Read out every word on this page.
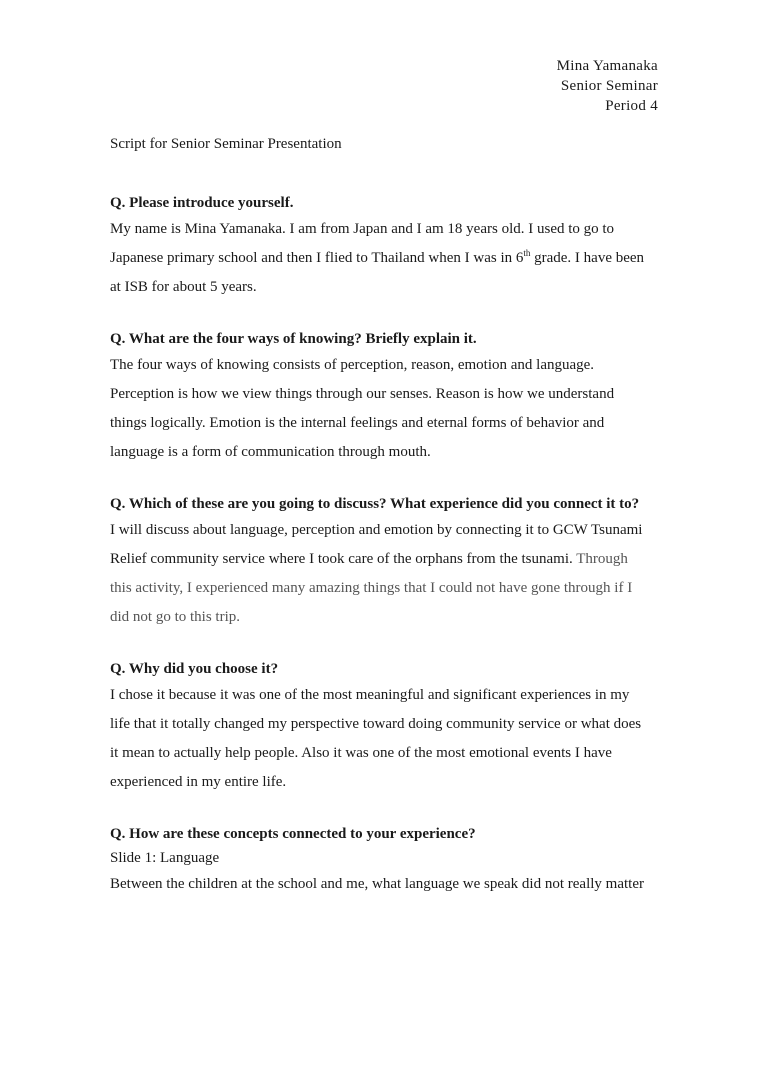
Mina Yamanaka
Senior Seminar
Period 4
Script for Senior Seminar Presentation
Q. Please introduce yourself.

My name is Mina Yamanaka. I am from Japan and I am 18 years old. I used to go to

Japanese primary school and then I flied to Thailand when I was in 6th grade. I have been

at ISB for about 5 years.

Q. What are the four ways of knowing? Briefly explain it.

The four ways of knowing consists of perception, reason, emotion and language.

Perception is how we view things through our senses. Reason is how we understand

things logically. Emotion is the internal feelings and eternal forms of behavior and

language is a form of communication through mouth.

Q. Which of these are you going to discuss? What experience did you connect it to?

I will discuss about language, perception and emotion by connecting it to GCW Tsunami

Relief community service where I took care of the orphans from the tsunami. Through

this activity, I experienced many amazing things that I could not have gone through if I

did not go to this trip.

Q. Why did you choose it?

I chose it because it was one of the most meaningful and significant experiences in my

life that it totally changed my perspective toward doing community service or what does

it mean to actually help people. Also it was one of the most emotional events I have

experienced in my entire life.

Q. How are these concepts connected to your experience?
Slide 1: Language

Between the children at the school and me, what language we speak did not really matter
